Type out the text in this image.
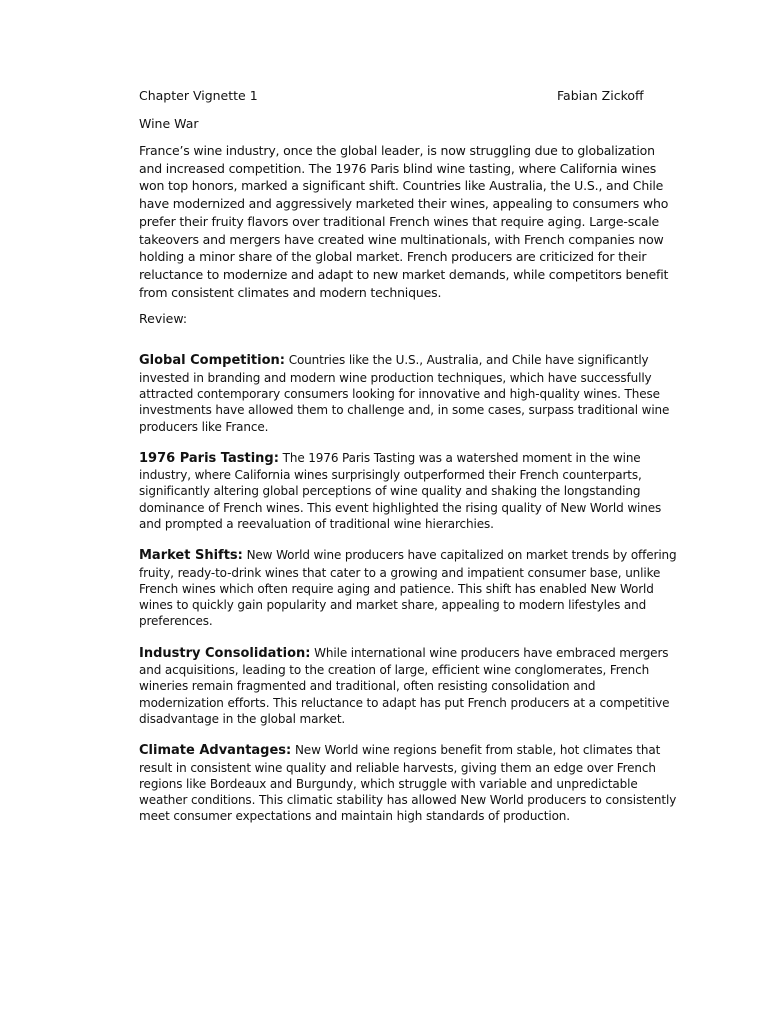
Chapter Vignette 1	Fabian Zickoff
Wine War

France’s wine industry, once the global leader, is now struggling due to globalization and increased competition. The 1976 Paris blind wine tasting, where California wines won top honors, marked a significant shift. Countries like Australia, the U.S., and Chile have modernized and aggressively marketed their wines, appealing to consumers who prefer their fruity flavors over traditional French wines that require aging. Large-scale takeovers and mergers have created wine multinationals, with French companies now holding a minor share of the global market. French producers are criticized for their reluctance to modernize and adapt to new market demands, while competitors benefit from consistent climates and modern techniques.

Review:

Global Competition: Countries like the U.S., Australia, and Chile have significantly invested in branding and modern wine production techniques, which have successfully attracted contemporary consumers looking for innovative and high-quality wines. These investments have allowed them to challenge and, in some cases, surpass traditional wine producers like France.

1976 Paris Tasting: The 1976 Paris Tasting was a watershed moment in the wine industry, where California wines surprisingly outperformed their French counterparts, significantly altering global perceptions of wine quality and shaking the longstanding dominance of French wines. This event highlighted the rising quality of New World wines and prompted a reevaluation of traditional wine hierarchies.

Market Shifts: New World wine producers have capitalized on market trends by offering fruity, ready-to-drink wines that cater to a growing and impatient consumer base, unlike French wines which often require aging and patience. This shift has enabled New World wines to quickly gain popularity and market share, appealing to modern lifestyles and preferences.

Industry Consolidation: While international wine producers have embraced mergers and acquisitions, leading to the creation of large, efficient wine conglomerates, French wineries remain fragmented and traditional, often resisting consolidation and modernization efforts. This reluctance to adapt has put French producers at a competitive disadvantage in the global market.

Climate Advantages: New World wine regions benefit from stable, hot climates that result in consistent wine quality and reliable harvests, giving them an edge over French regions like Bordeaux and Burgundy, which struggle with variable and unpredictable weather conditions. This climatic stability has allowed New World producers to consistently meet consumer expectations and maintain high standards of production.
